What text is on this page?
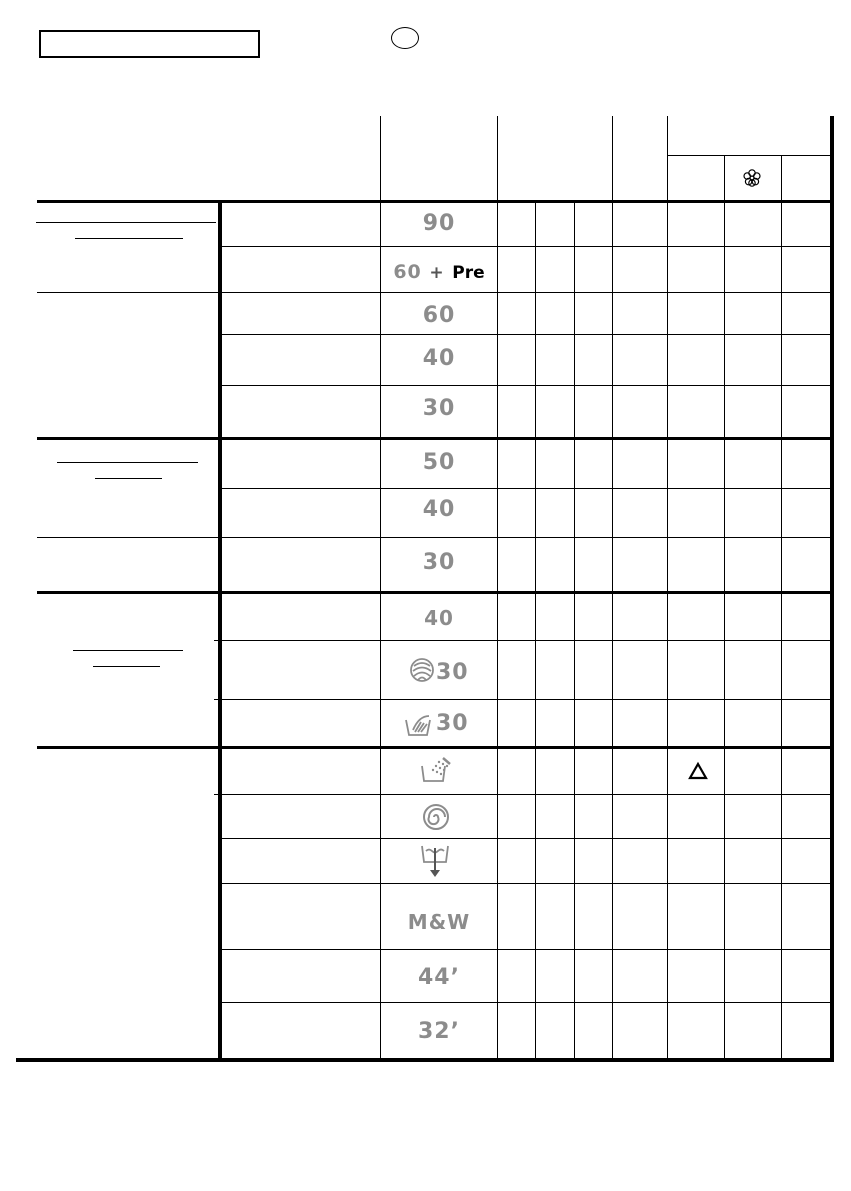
90
60 + Pre
60
40
30
50
40
30
40
30
30
M&W
44’
32’
